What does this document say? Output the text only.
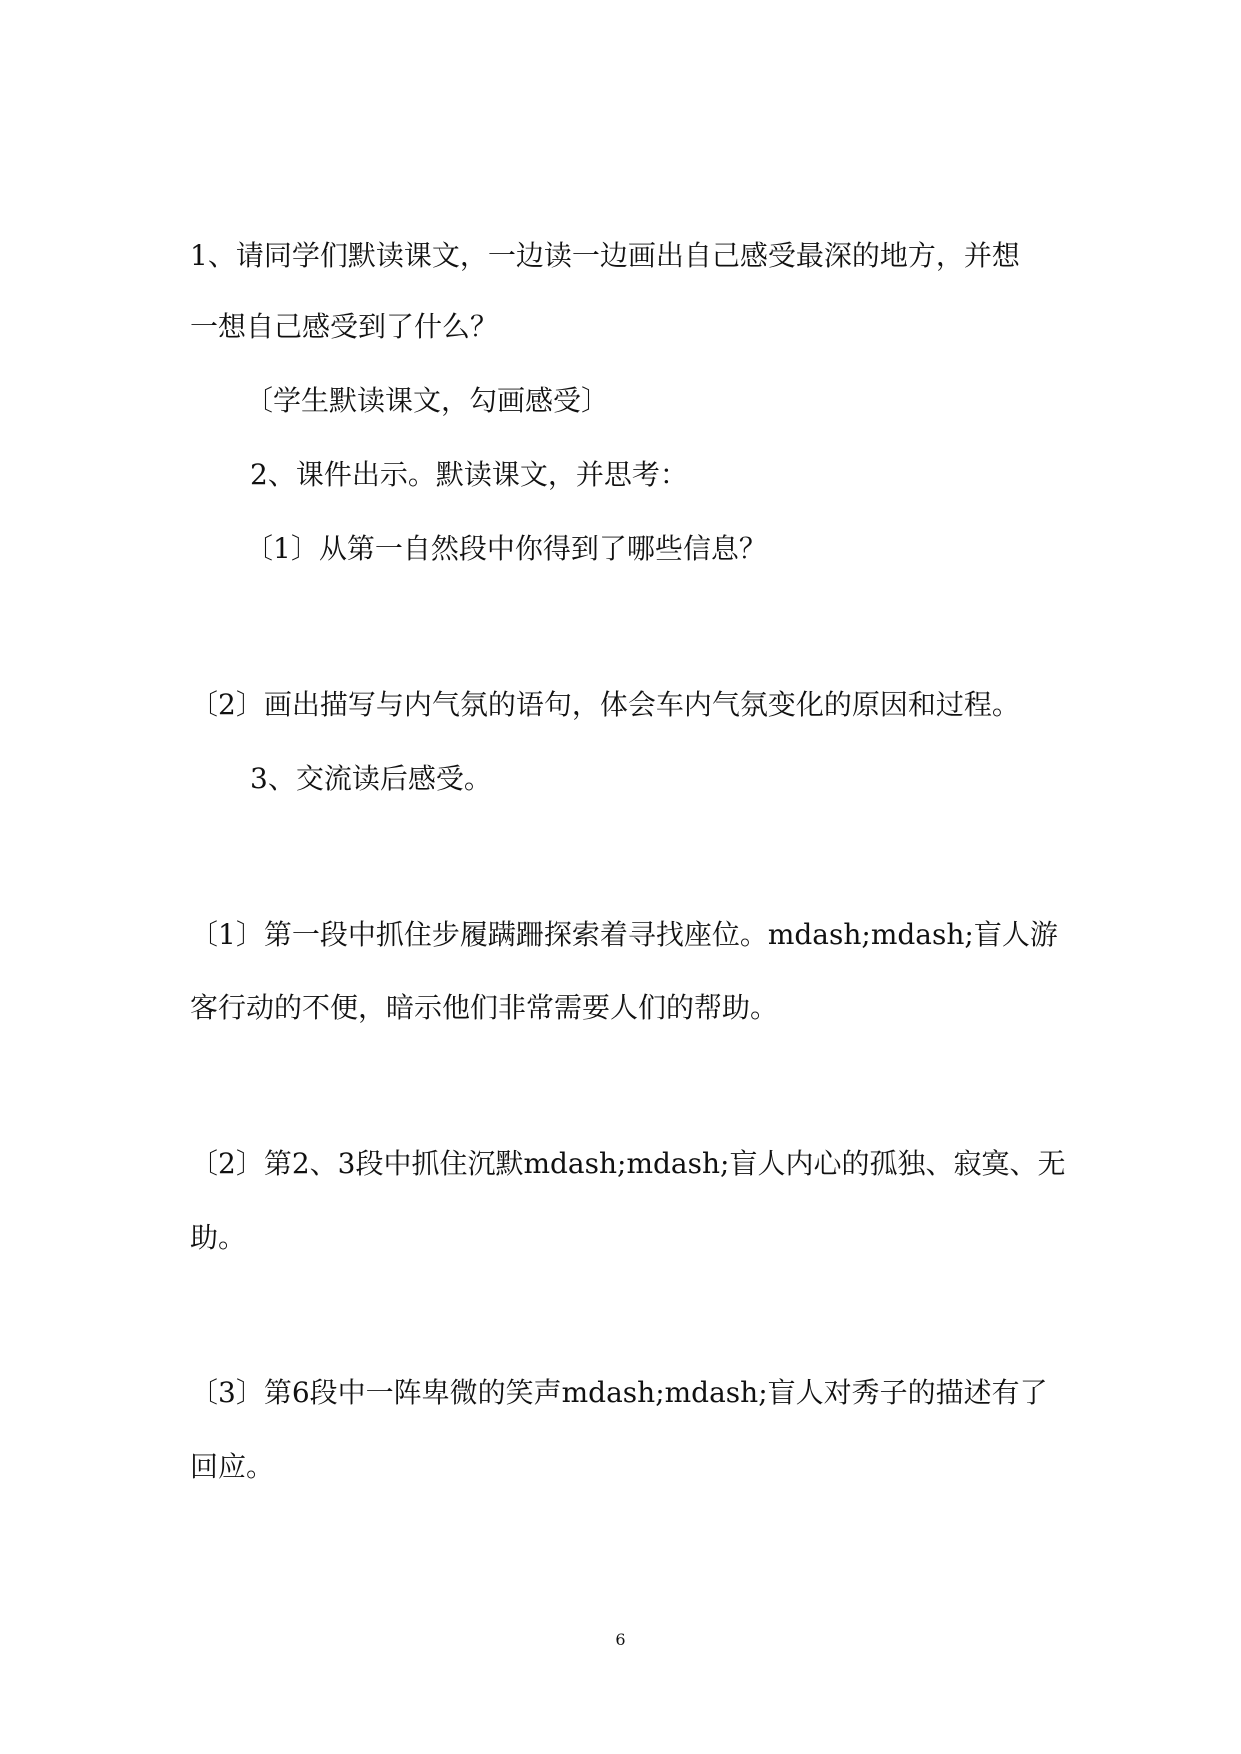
1、请同学们默读课文，一边读一边画出自己感受最深的地方，并想
一想自己感受到了什么？
〔学生默读课文，勾画感受〕
2、课件出示。默读课文，并思考：
〔1〕从第一自然段中你得到了哪些信息？
〔2〕画出描写与内气氛的语句，体会车内气氛变化的原因和过程。
3、交流读后感受。
〔1〕第一段中抓住步履蹒跚探索着寻找座位。mdash;mdash;盲人游
客行动的不便，暗示他们非常需要人们的帮助。
〔2〕第2、3段中抓住沉默mdash;mdash;盲人内心的孤独、寂寞、无
助。
〔3〕第6段中一阵卑微的笑声mdash;mdash;盲人对秀子的描述有了
回应。
6
